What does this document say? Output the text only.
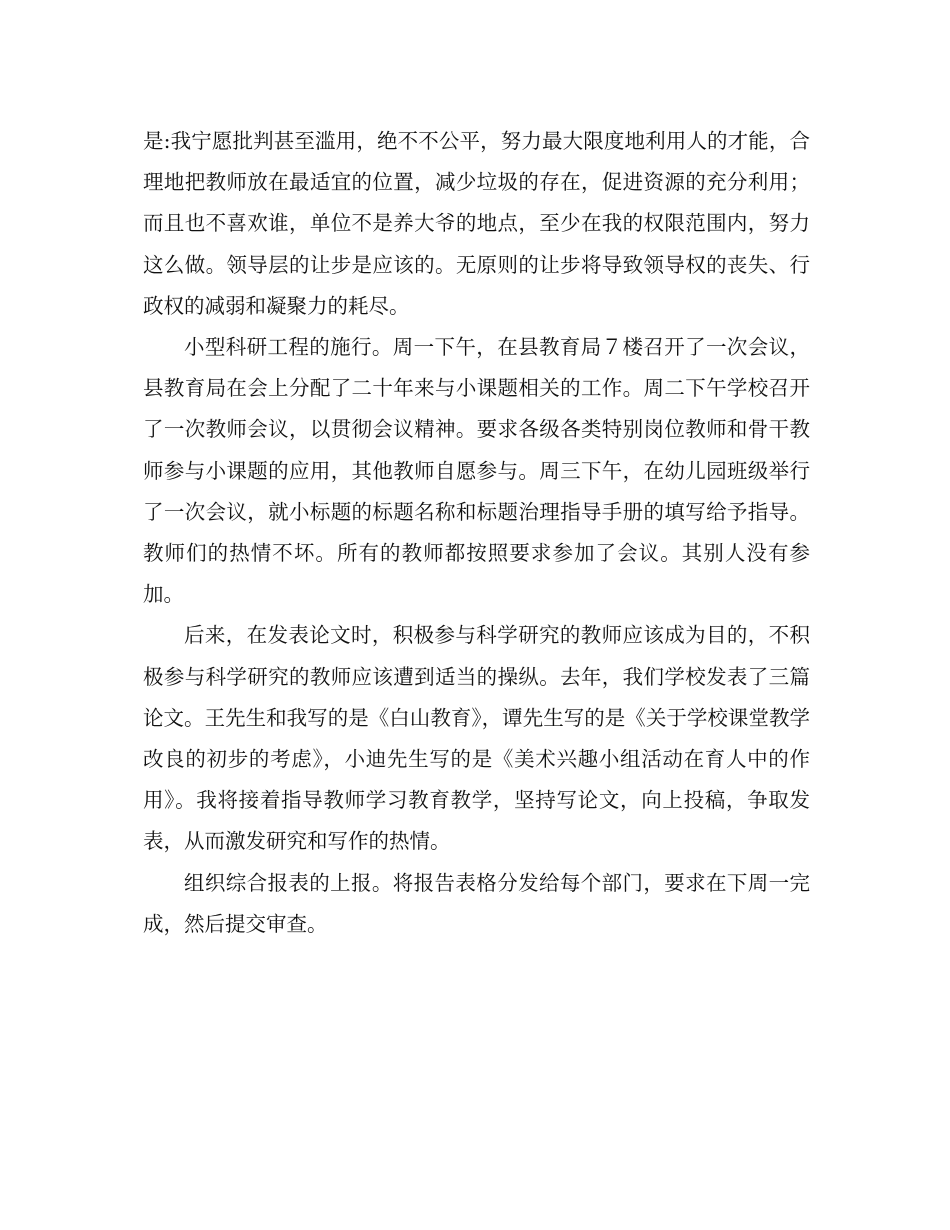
是:我宁愿批判甚至滥用，绝不不公平，努力最大限度地利用人的才能，合理地把教师放在最适宜的位置，减少垃圾的存在，促进资源的充分利用；而且也不喜欢谁，单位不是养大爷的地点，至少在我的权限范围内，努力这么做。领导层的让步是应该的。无原则的让步将导致领导权的丧失、行政权的减弱和凝聚力的耗尽。

小型科研工程的施行。周一下午，在县教育局７楼召开了一次会议，县教育局在会上分配了二十年来与小课题相关的工作。周二下午学校召开了一次教师会议，以贯彻会议精神。要求各级各类特别岗位教师和骨干教师参与小课题的应用，其他教师自愿参与。周三下午，在幼儿园班级举行了一次会议，就小标题的标题名称和标题治理指导手册的填写给予指导。教师们的热情不坏。所有的教师都按照要求参加了会议。其别人没有参加。

后来，在发表论文时，积极参与科学研究的教师应该成为目的，不积极参与科学研究的教师应该遭到适当的操纵。去年，我们学校发表了三篇论文。王先生和我写的是《白山教育》，谭先生写的是《关于学校课堂教学改良的初步的考虑》，小迪先生写的是《美术兴趣小组活动在育人中的作用》。我将接着指导教师学习教育教学，坚持写论文，向上投稿，争取发表，从而激发研究和写作的热情。

组织综合报表的上报。将报告表格分发给每个部门，要求在下周一完成，然后提交审查。
